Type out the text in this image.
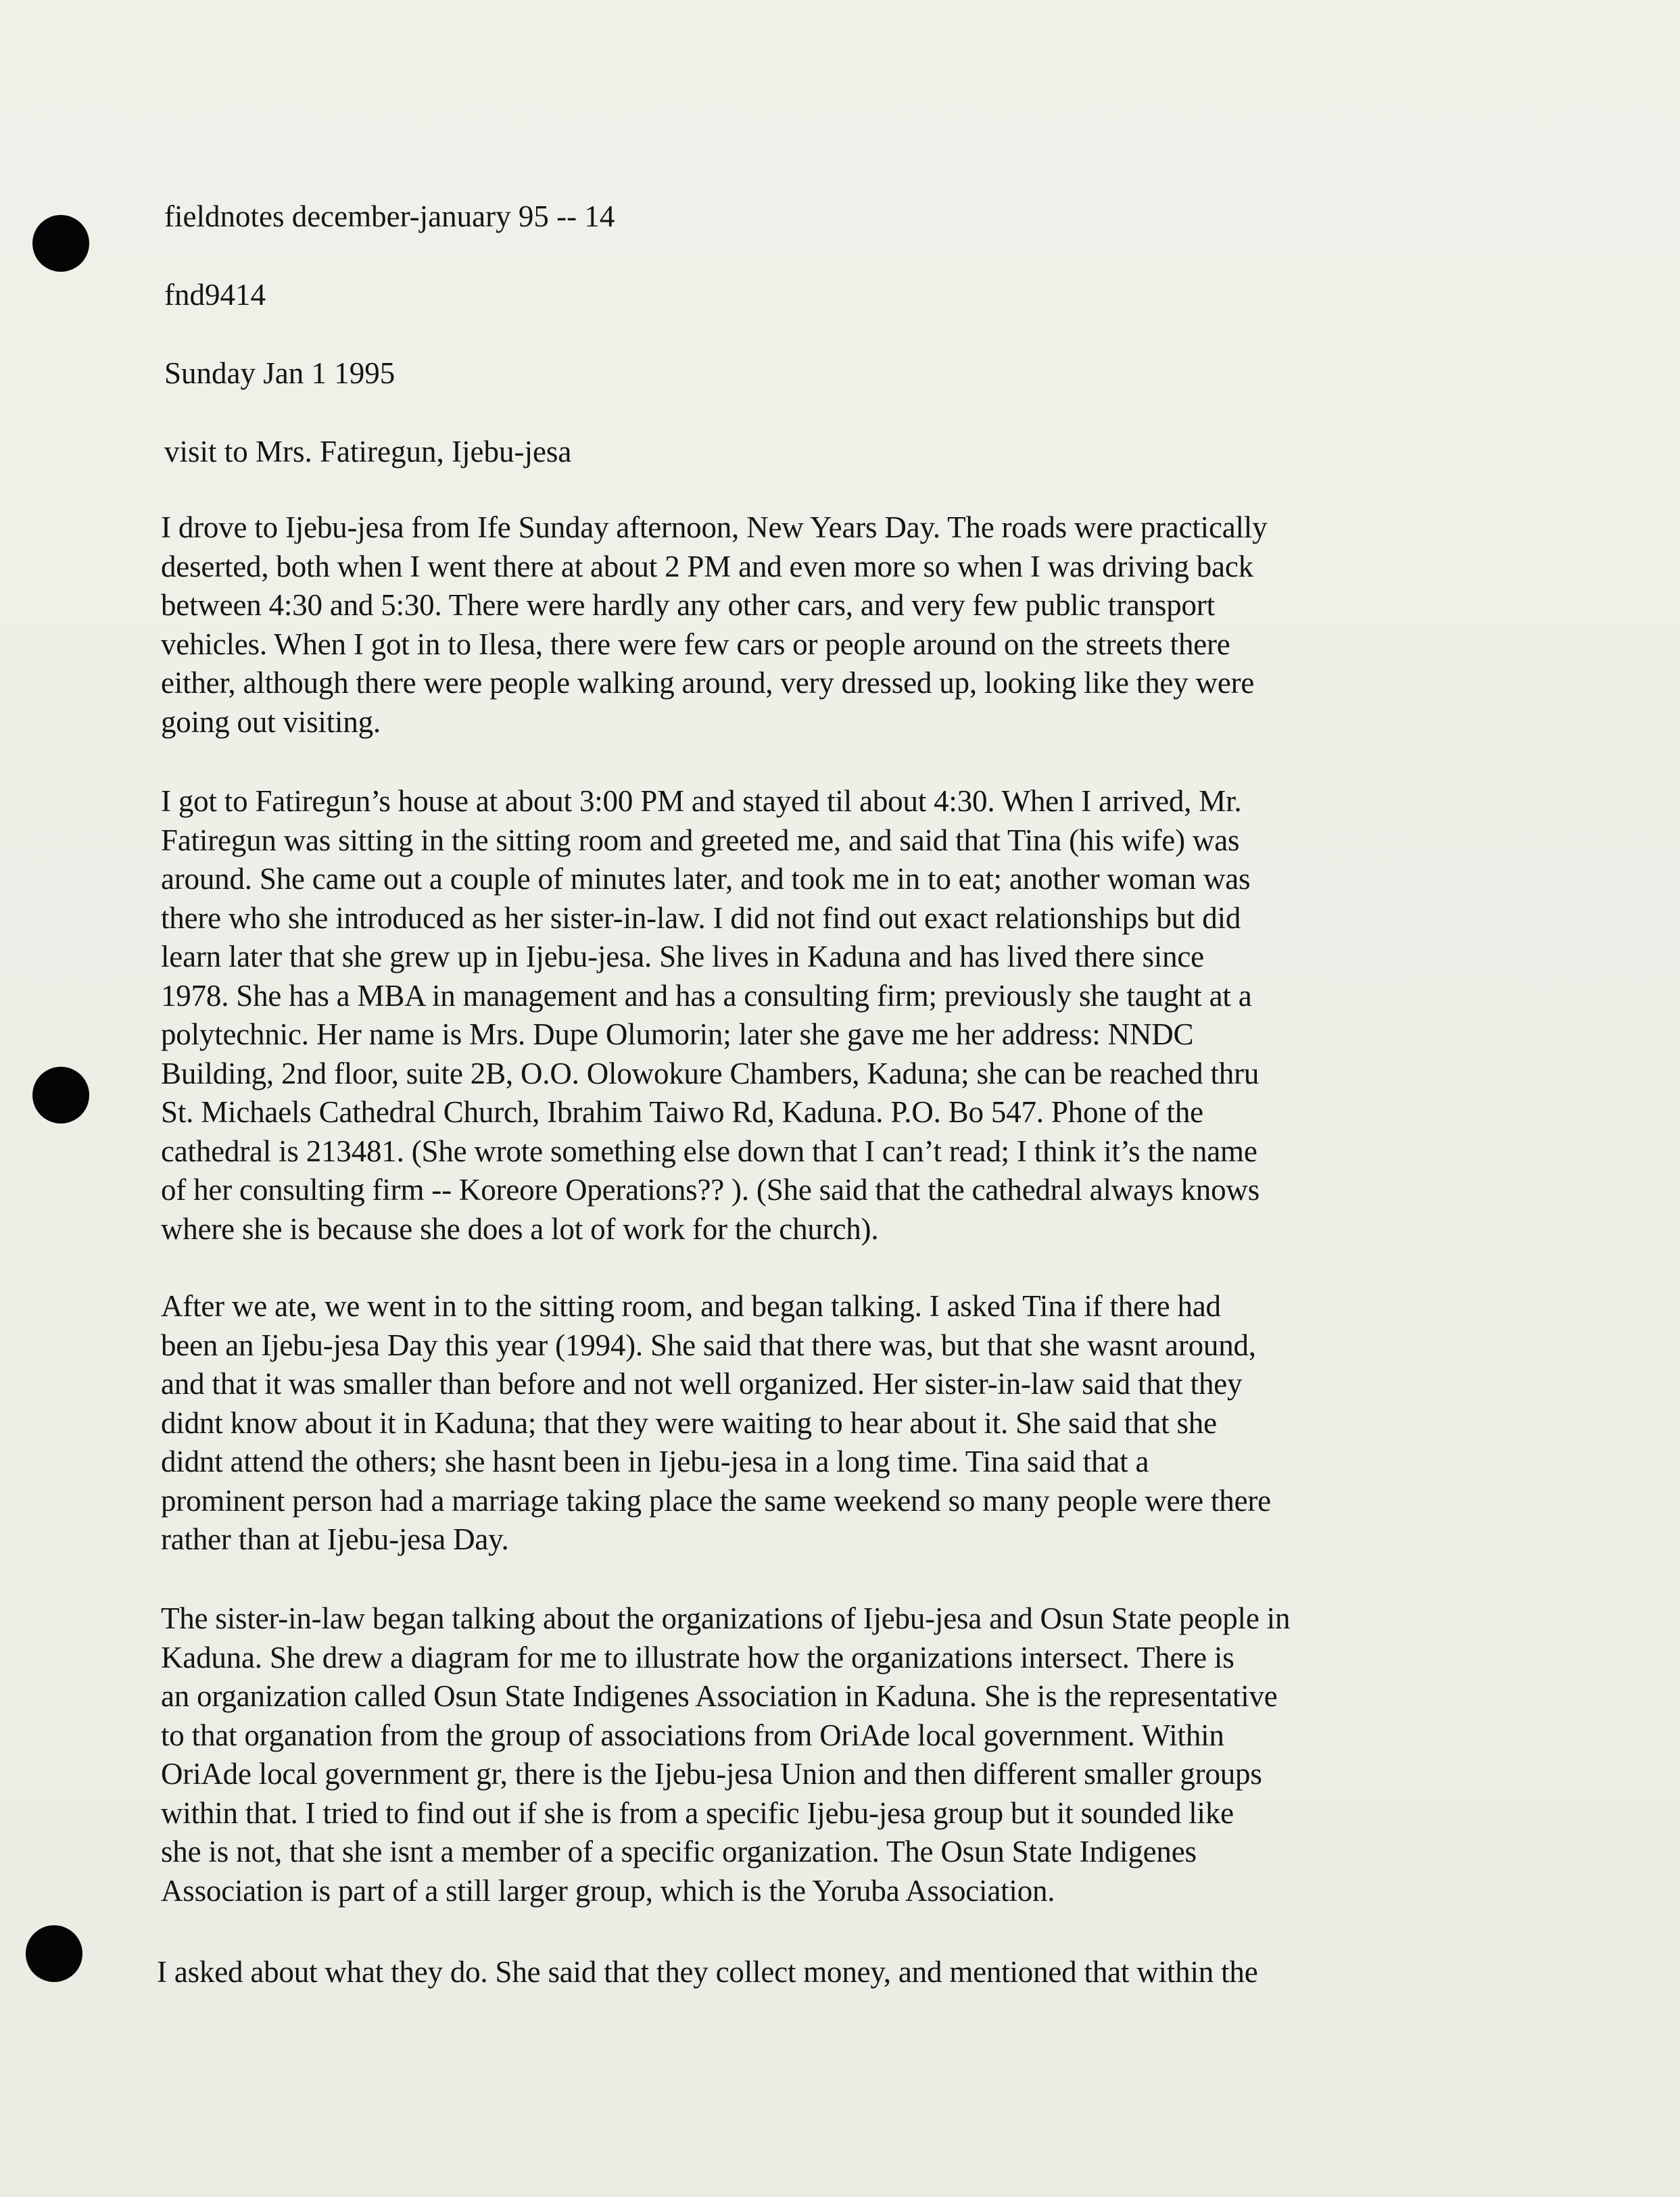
fieldnotes december-january 95 -- 14
fnd9414
Sunday Jan 1 1995
visit to Mrs. Fatiregun, Ijebu-jesa
I drove to Ijebu-jesa from Ife Sunday afternoon, New Years Day. The roads were practically
deserted, both when I went there at about 2 PM and even more so when I was driving back
between 4:30 and 5:30. There were hardly any other cars, and very few public transport
vehicles. When I got in to Ilesa, there were few cars or people around on the streets there
either, although there were people walking around, very dressed up, looking like they were
going out visiting.
I got to Fatiregun’s house at about 3:00 PM and stayed til about 4:30. When I arrived, Mr.
Fatiregun was sitting in the sitting room and greeted me, and said that Tina (his wife) was
around. She came out a couple of minutes later, and took me in to eat; another woman was
there who she introduced as her sister-in-law. I did not find out exact relationships but did
learn later that she grew up in Ijebu-jesa. She lives in Kaduna and has lived there since
1978. She has a MBA in management and has a consulting firm; previously she taught at a
polytechnic. Her name is Mrs. Dupe Olumorin; later she gave me her address: NNDC
Building, 2nd floor, suite 2B, O.O. Olowokure Chambers, Kaduna; she can be reached thru
St. Michaels Cathedral Church, Ibrahim Taiwo Rd, Kaduna. P.O. Bo 547. Phone of the
cathedral is 213481. (She wrote something else down that I can’t read; I think it’s the name
of her consulting firm -- Koreore Operations?? ). (She said that the cathedral always knows
where she is because she does a lot of work for the church).
After we ate, we went in to the sitting room, and began talking. I asked Tina if there had
been an Ijebu-jesa Day this year (1994). She said that there was, but that she wasnt around,
and that it was smaller than before and not well organized. Her sister-in-law said that they
didnt know about it in Kaduna; that they were waiting to hear about it. She said that she
didnt attend the others; she hasnt been in Ijebu-jesa in a long time. Tina said that a
prominent person had a marriage taking place the same weekend so many people were there
rather than at Ijebu-jesa Day.
The sister-in-law began talking about the organizations of Ijebu-jesa and Osun State people in
Kaduna. She drew a diagram for me to illustrate how the organizations intersect. There is
an organization called Osun State Indigenes Association in Kaduna. She is the representative
to that organation from the group of associations from OriAde local government. Within
OriAde local government gr, there is the Ijebu-jesa Union and then different smaller groups
within that. I tried to find out if she is from a specific Ijebu-jesa group but it sounded like
she is not, that she isnt a member of a specific organization. The Osun State Indigenes
Association is part of a still larger group, which is the Yoruba Association.
I asked about what they do. She said that they collect money, and mentioned that within the
